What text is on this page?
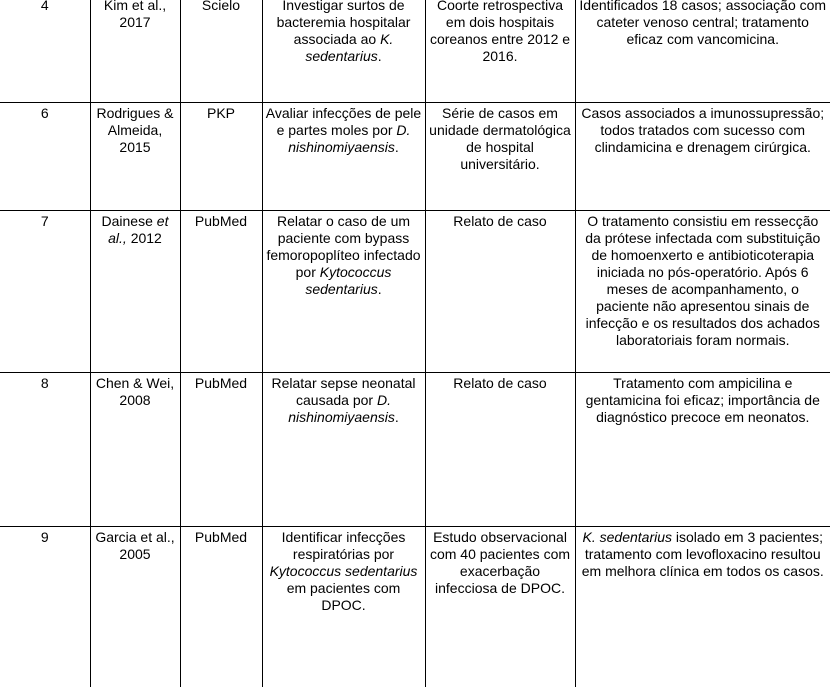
4	Kim et al., 2017	Scielo	Investigar surtos de bacteremia hospitalar associada ao K. sedentarius.	Coorte retrospectiva em dois hospitais coreanos entre 2012 e 2016.	Identificados 18 casos; associação com cateter venoso central; tratamento eficaz com vancomicina.
6	Rodrigues & Almeida, 2015	PKP	Avaliar infecções de pele e partes moles por D. nishinomiyaensis.	Série de casos em unidade dermatológica de hospital universitário.	Casos associados a imunossupressão; todos tratados com sucesso com clindamicina e drenagem cirúrgica.
7	Dainese et al., 2012	PubMed	Relatar o caso de um paciente com bypass femoropoplíteo infectado por Kytococcus sedentarius.	Relato de caso	O tratamento consistiu em ressecção da prótese infectada com substituição de homoenxerto e antibioticoterapia iniciada no pós-operatório. Após 6 meses de acompanhamento, o paciente não apresentou sinais de infecção e os resultados dos achados laboratoriais foram normais.
8	Chen & Wei, 2008	PubMed	Relatar sepse neonatal causada por D. nishinomiyaensis.	Relato de caso	Tratamento com ampicilina e gentamicina foi eficaz; importância de diagnóstico precoce em neonatos.
9	Garcia et al., 2005	PubMed	Identificar infecções respiratórias por Kytococcus sedentarius em pacientes com DPOC.	Estudo observacional com 40 pacientes com exacerbação infecciosa de DPOC.	K. sedentarius isolado em 3 pacientes; tratamento com levofloxacino resultou em melhora clínica em todos os casos.
